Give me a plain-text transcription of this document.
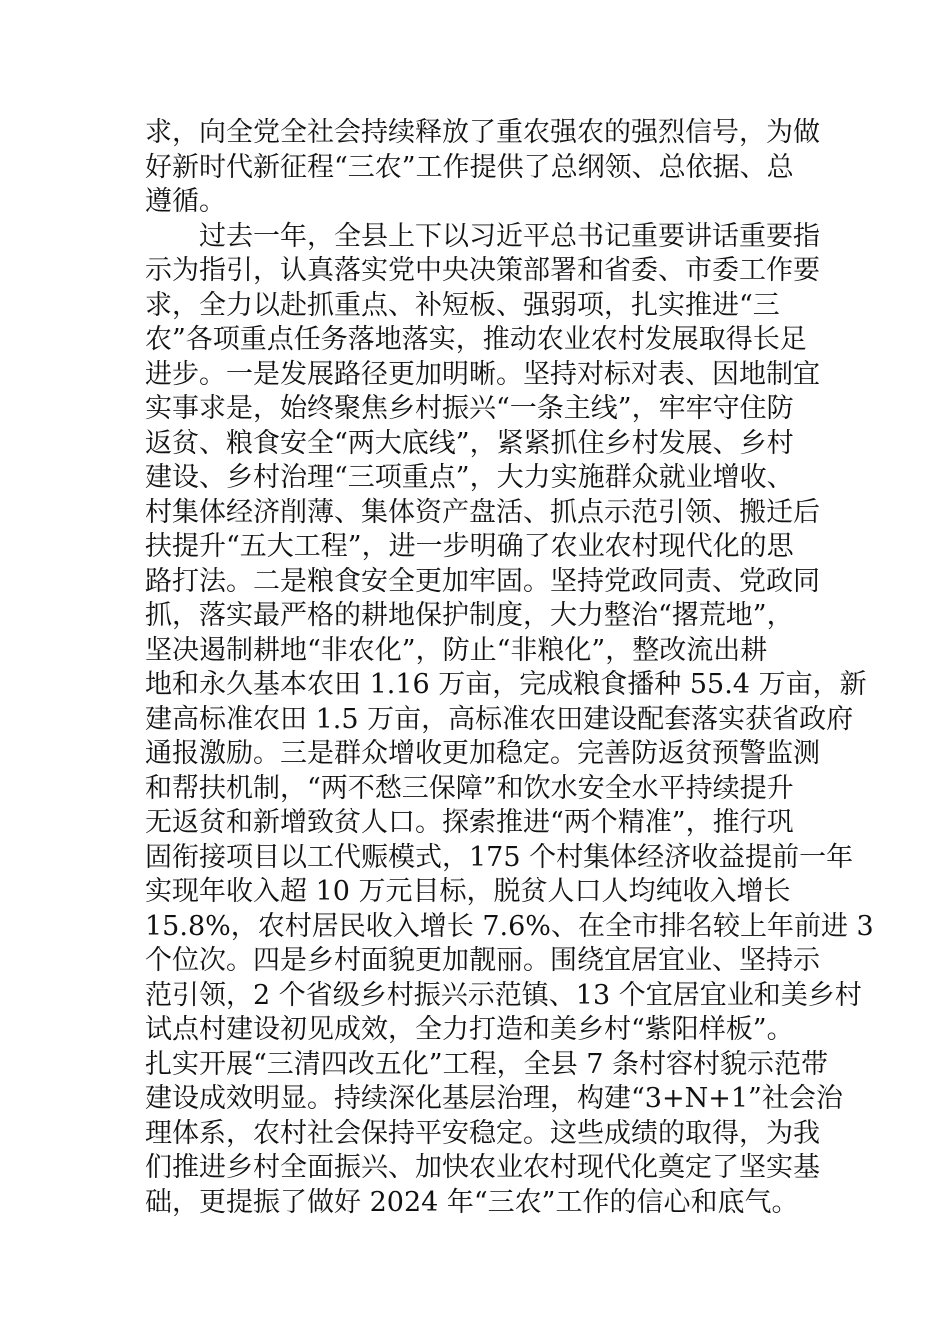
求，向全党全社会持续释放了重农强农的强烈信号，为做
好新时代新征程“三农”工作提供了总纲领、总依据、总
遵循。
　　过去一年，全县上下以习近平总书记重要讲话重要指
示为指引，认真落实党中央决策部署和省委、市委工作要
求，全力以赴抓重点、补短板、强弱项，扎实推进“三
农”各项重点任务落地落实，推动农业农村发展取得长足
进步。一是发展路径更加明晰。坚持对标对表、因地制宜
实事求是，始终聚焦乡村振兴“一条主线”，牢牢守住防
返贫、粮食安全“两大底线”，紧紧抓住乡村发展、乡村
建设、乡村治理“三项重点”，大力实施群众就业增收、
村集体经济削薄、集体资产盘活、抓点示范引领、搬迁后
扶提升“五大工程”，进一步明确了农业农村现代化的思
路打法。二是粮食安全更加牢固。坚持党政同责、党政同
抓，落实最严格的耕地保护制度，大力整治“撂荒地”，
坚决遏制耕地“非农化”，防止“非粮化”，整改流出耕
地和永久基本农田 1.16 万亩，完成粮食播种 55.4 万亩，新
建高标准农田 1.5 万亩，高标准农田建设配套落实获省政府
通报激励。三是群众增收更加稳定。完善防返贫预警监测
和帮扶机制，“两不愁三保障”和饮水安全水平持续提升
无返贫和新增致贫人口。探索推进“两个精准”，推行巩
固衔接项目以工代赈模式，175 个村集体经济收益提前一年
实现年收入超 10 万元目标，脱贫人口人均纯收入增长
15.8%，农村居民收入增长 7.6%、在全市排名较上年前进 3
个位次。四是乡村面貌更加靓丽。围绕宜居宜业、坚持示
范引领，2 个省级乡村振兴示范镇、13 个宜居宜业和美乡村
试点村建设初见成效，全力打造和美乡村“紫阳样板”。
扎实开展“三清四改五化”工程，全县 7 条村容村貌示范带
建设成效明显。持续深化基层治理，构建“3+N+1”社会治
理体系，农村社会保持平安稳定。这些成绩的取得，为我
们推进乡村全面振兴、加快农业农村现代化奠定了坚实基
础，更提振了做好 2024 年“三农”工作的信心和底气。
